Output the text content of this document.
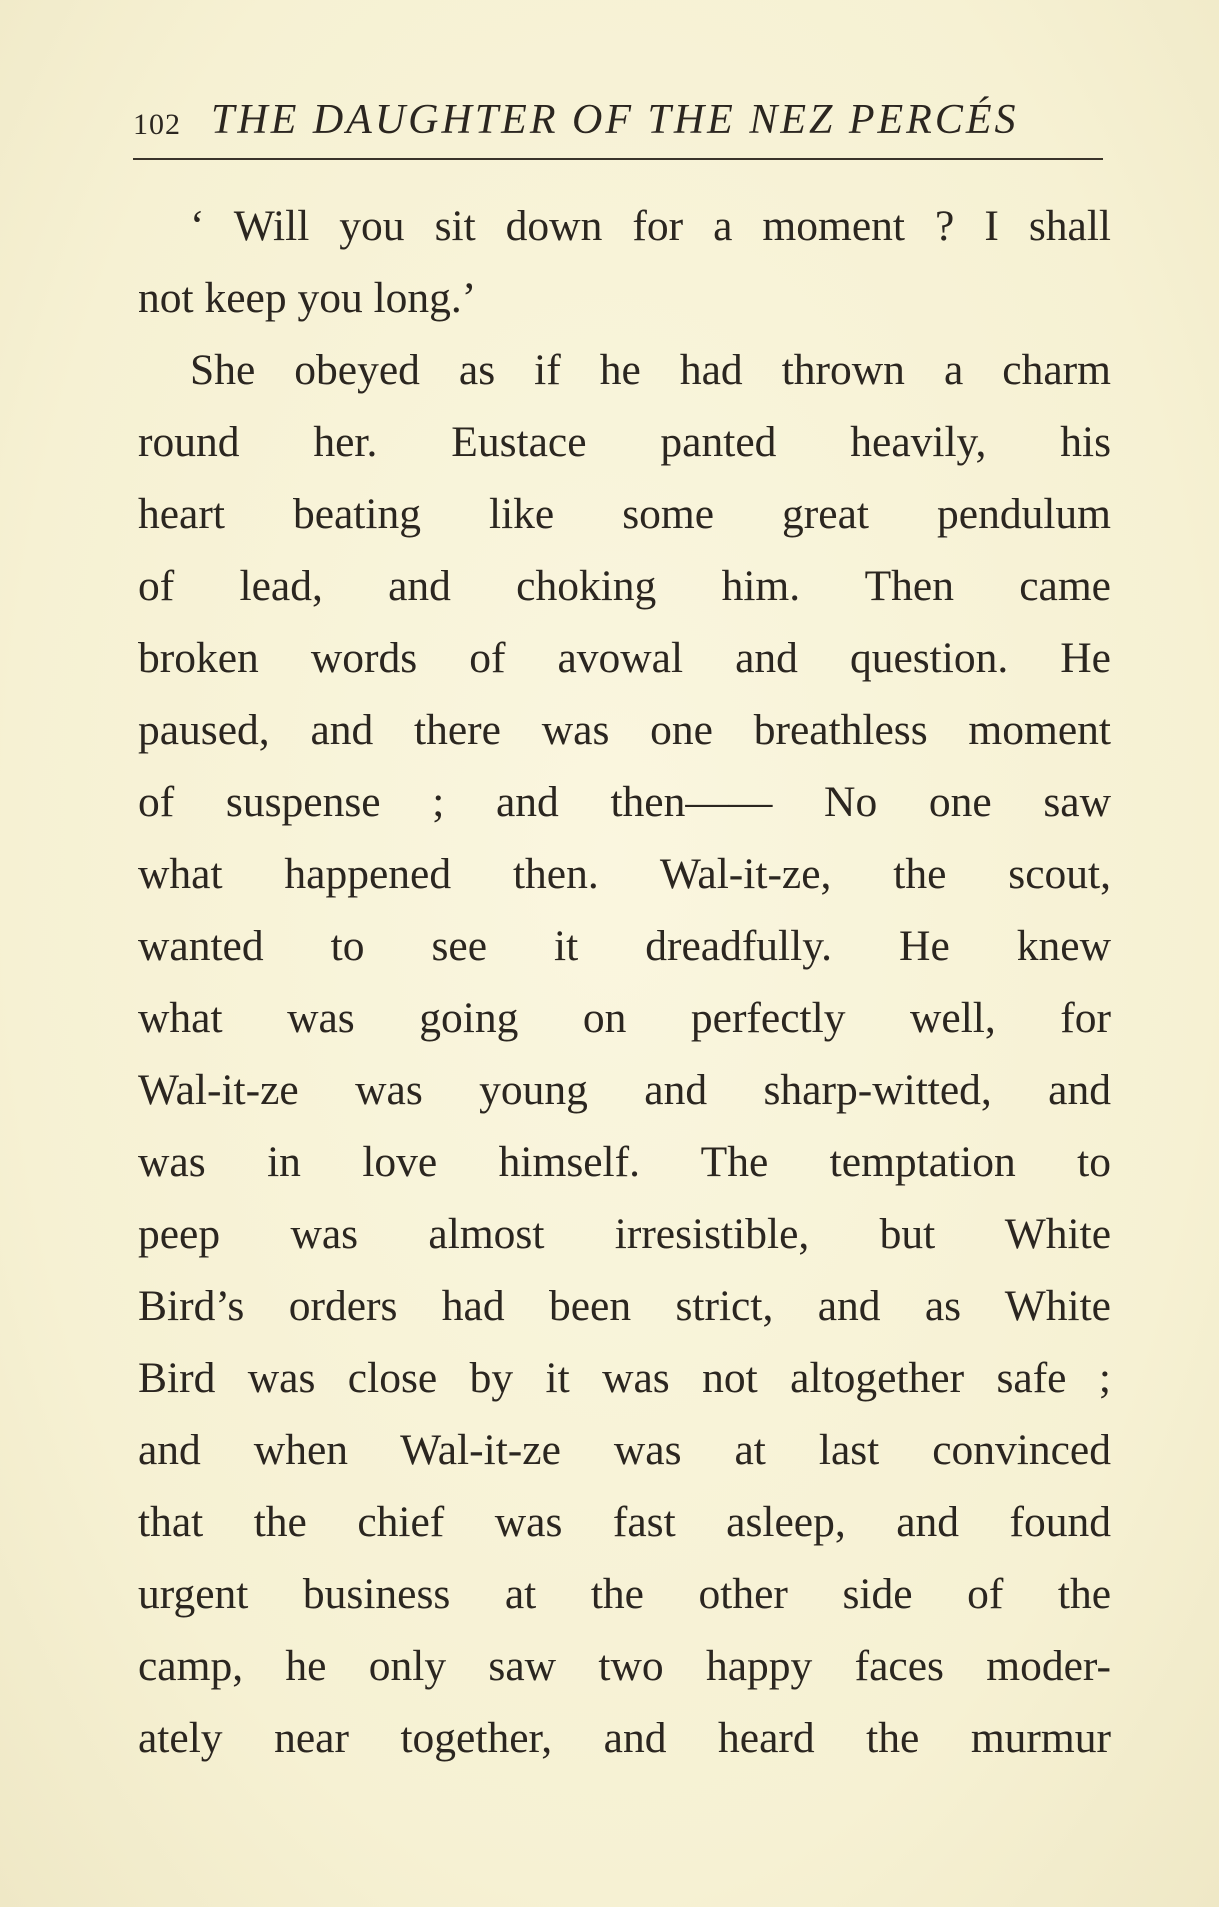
102 THE DAUGHTER OF THE NEZ PERCÉS
‘ Will you sit down for a moment ? I shall
not keep you long.’
She obeyed as if he had thrown a charm
round her. Eustace panted heavily, his
heart beating like some great pendulum
of lead, and choking him. Then came
broken words of avowal and question. He
paused, and there was one breathless moment
of suspense ; and then—— No one saw
what happened then. Wal-it-ze, the scout,
wanted to see it dreadfully. He knew
what was going on perfectly well, for
Wal-it-ze was young and sharp-witted, and
was in love himself. The temptation to
peep was almost irresistible, but White
Bird’s orders had been strict, and as White
Bird was close by it was not altogether safe ;
and when Wal-it-ze was at last convinced
that the chief was fast asleep, and found
urgent business at the other side of the
camp, he only saw two happy faces moder-
ately near together, and heard the murmur
